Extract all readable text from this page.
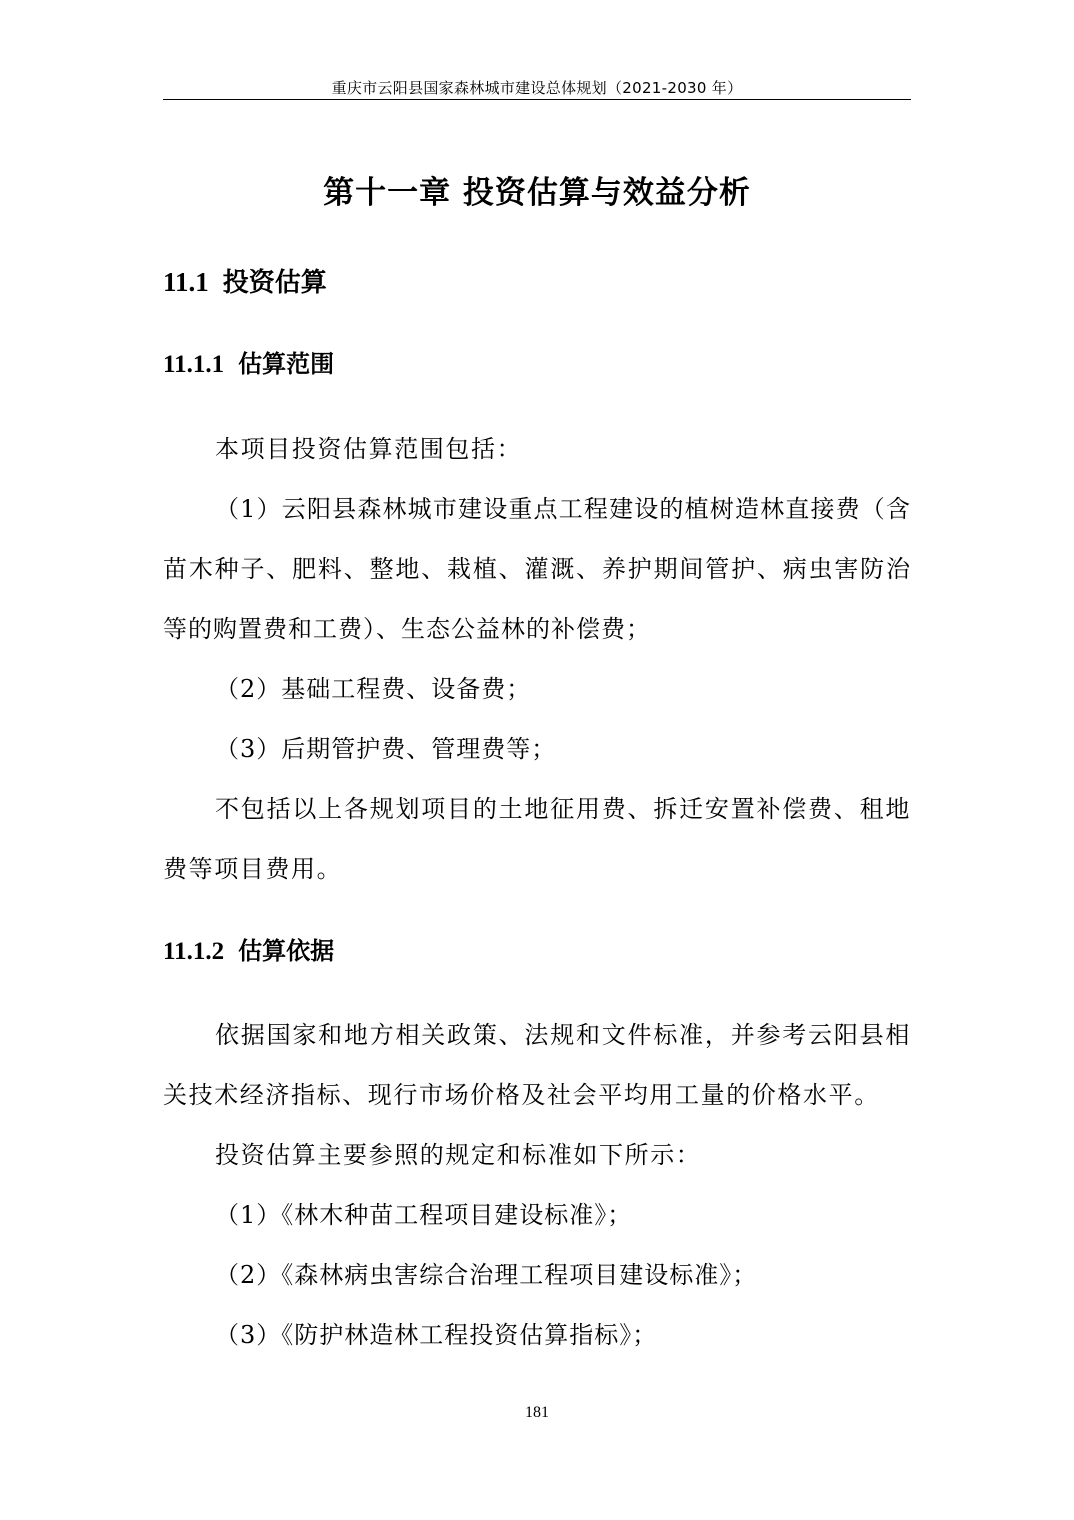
重庆市云阳县国家森林城市建设总体规划（2021-2030 年）
第十一章 投资估算与效益分析
11.1 投资估算
11.1.1 估算范围

本项目投资估算范围包括：

（1）云阳县森林城市建设重点工程建设的植树造林直接费（含苗木种子、肥料、整地、栽植、灌溉、养护期间管护、病虫害防治等的购置费和工费）、生态公益林的补偿费；

（2）基础工程费、设备费；

（3）后期管护费、管理费等；

不包括以上各规划项目的土地征用费、拆迁安置补偿费、租地费等项目费用。

11.1.2 估算依据

依据国家和地方相关政策、法规和文件标准，并参考云阳县相关技术经济指标、现行市场价格及社会平均用工量的价格水平。

投资估算主要参照的规定和标准如下所示：

（1）《林木种苗工程项目建设标准》；

（2）《森林病虫害综合治理工程项目建设标准》；

（3）《防护林造林工程投资估算指标》；

181
